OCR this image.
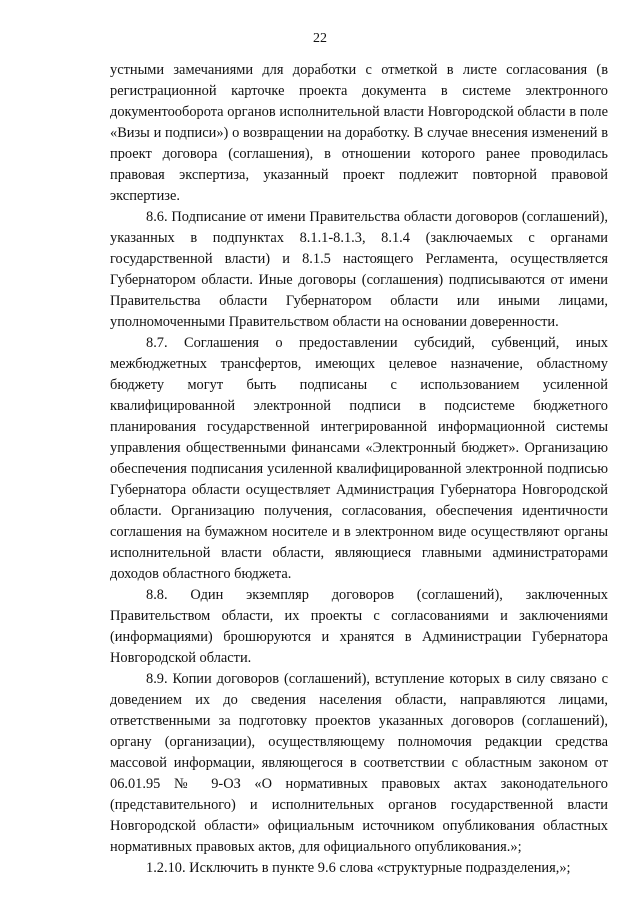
22

устными замечаниями для доработки с отметкой в листе согласования (в регистрационной карточке проекта документа в системе электронного документооборота органов исполнительной власти Новгородской области в поле «Визы и подписи») о возвращении на доработку. В случае внесения изменений в проект договора (соглашения), в отношении которого ранее проводилась правовая экспертиза, указанный проект подлежит повторной правовой экспертизе.

8.6. Подписание от имени Правительства области договоров (соглашений), указанных в подпунктах 8.1.1-8.1.3, 8.1.4 (заключаемых с органами государственной власти) и 8.1.5 настоящего Регламента, осуществляется Губернатором области. Иные договоры (соглашения) подписываются от имени Правительства области Губернатором области или иными лицами, уполномоченными Правительством области на основании доверенности.

8.7. Соглашения о предоставлении субсидий, субвенций, иных межбюджетных трансфертов, имеющих целевое назначение, областному бюджету могут быть подписаны с использованием усиленной квалифицированной электронной подписи в подсистеме бюджетного планирования государственной интегрированной информационной системы управления общественными финансами «Электронный бюджет». Организацию обеспечения подписания усиленной квалифицированной электронной подписью Губернатора области осуществляет Администрация Губернатора Новгородской области. Организацию получения, согласования, обеспечения идентичности соглашения на бумажном носителе и в электронном виде осуществляют органы исполнительной власти области, являющиеся главными администраторами доходов областного бюджета.

8.8. Один экземпляр договоров (соглашений), заключенных Правительством области, их проекты с согласованиями и заключениями (информациями) брошюруются и хранятся в Администрации Губернатора Новгородской области.

8.9. Копии договоров (соглашений), вступление которых в силу связано с доведением их до сведения населения области, направляются лицами, ответственными за подготовку проектов указанных договоров (соглашений), органу (организации), осуществляющему полномочия редакции средства массовой информации, являющегося в соответствии с областным законом от 06.01.95 № 9-ОЗ «О нормативных правовых актах законодательного (представительного) и исполнительных органов государственной власти Новгородской области» официальным источником опубликования областных нормативных правовых актов, для официального опубликования.»;

1.2.10. Исключить в пункте 9.6 слова «структурные подразделения,»;
